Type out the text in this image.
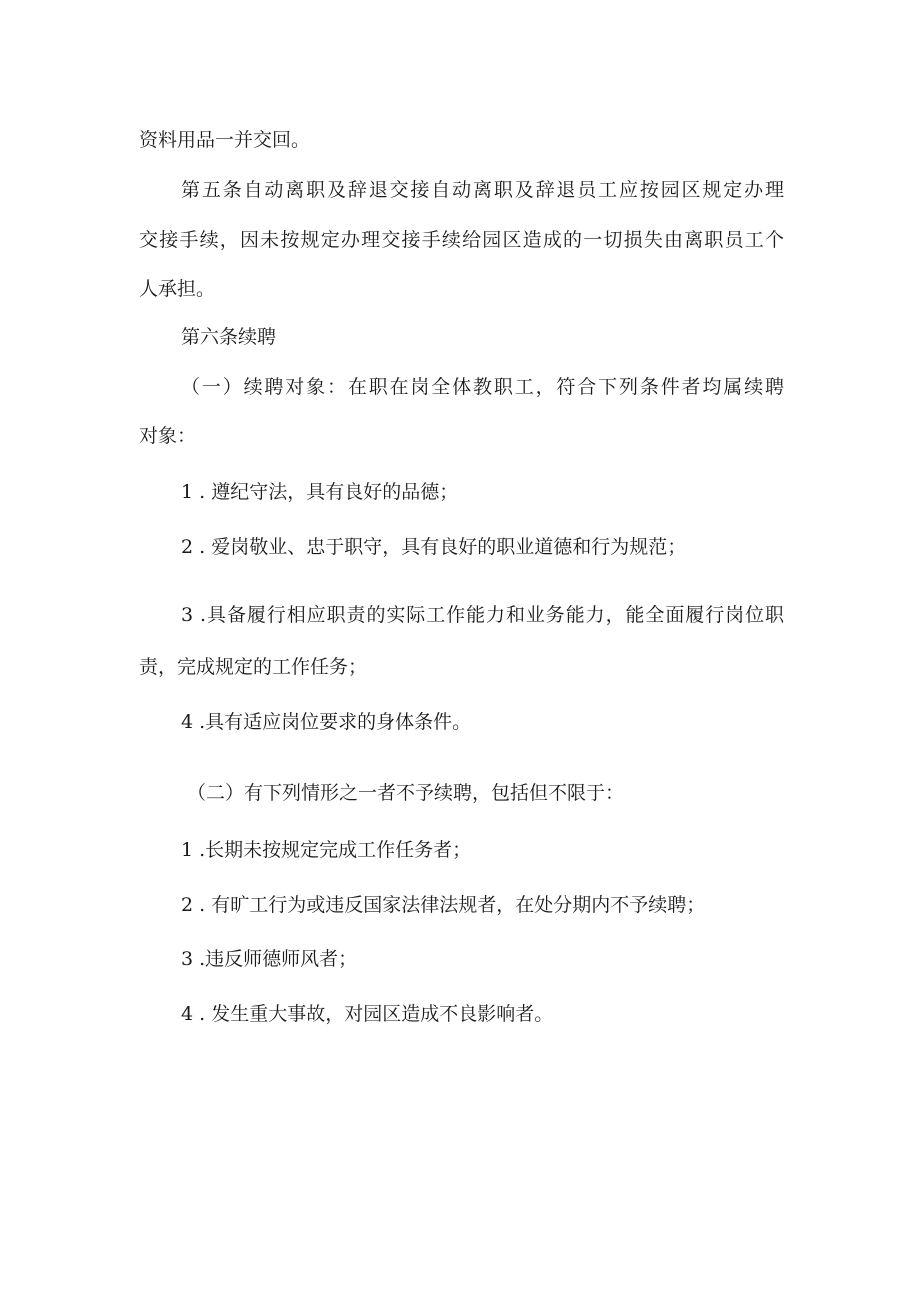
资料用品一并交回。
第五条自动离职及辞退交接自动离职及辞退员工应按园区规定办理
交接手续，因未按规定办理交接手续给园区造成的一切损失由离职员工个
人承担。
第六条续聘
（一）续聘对象：在职在岗全体教职工，符合下列条件者均属续聘
对象：
1 . 遵纪守法，具有良好的品德；
2 . 爱岗敬业、忠于职守，具有良好的职业道德和行为规范；
3 .具备履行相应职责的实际工作能力和业务能力，能全面履行岗位职
责，完成规定的工作任务；
4 .具有适应岗位要求的身体条件。
（二）有下列情形之一者不予续聘，包括但不限于：
1 .长期未按规定完成工作任务者；
2 . 有旷工行为或违反国家法律法规者，在处分期内不予续聘；
3 .违反师德师风者；
4 . 发生重大事故，对园区造成不良影响者。
